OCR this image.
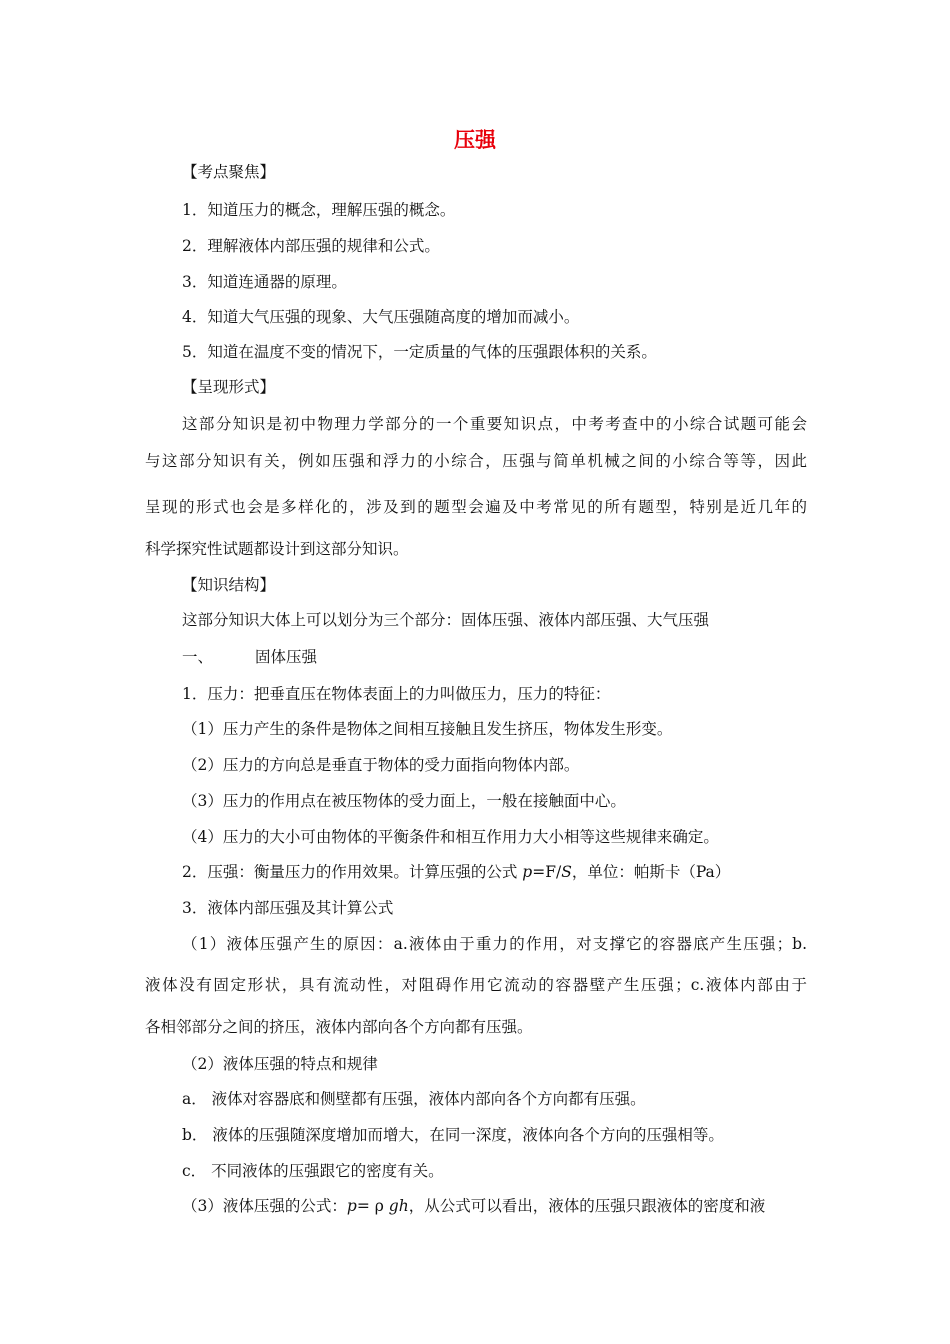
压强
【考点聚焦】
1．知道压力的概念，理解压强的概念。
2．理解液体内部压强的规律和公式。
3．知道连通器的原理。
4．知道大气压强的现象、大气压强随高度的增加而减小。
5．知道在温度不变的情况下，一定质量的气体的压强跟体积的关系。
【呈现形式】
这部分知识是初中物理力学部分的一个重要知识点，中考考查中的小综合试题可能会
与这部分知识有关，例如压强和浮力的小综合，压强与简单机械之间的小综合等等，因此
呈现的形式也会是多样化的，涉及到的题型会遍及中考常见的所有题型，特别是近几年的
科学探究性试题都设计到这部分知识。
【知识结构】
这部分知识大体上可以划分为三个部分：固体压强、液体内部压强、大气压强
一、	固体压强
1．压力：把垂直压在物体表面上的力叫做压力，压力的特征：
（1）压力产生的条件是物体之间相互接触且发生挤压，物体发生形变。
（2）压力的方向总是垂直于物体的受力面指向物体内部。
（3）压力的作用点在被压物体的受力面上，一般在接触面中心。
（4）压力的大小可由物体的平衡条件和相互作用力大小相等这些规律来确定。
2．压强：衡量压力的作用效果。计算压强的公式 p=F/S，单位：帕斯卡（Pa）
3．液体内部压强及其计算公式
（1）液体压强产生的原因：a.液体由于重力的作用，对支撑它的容器底产生压强；b.
液体没有固定形状，具有流动性，对阻碍作用它流动的容器壁产生压强；c.液体内部由于
各相邻部分之间的挤压，液体内部向各个方向都有压强。
（2）液体压强的特点和规律
a． 液体对容器底和侧壁都有压强，液体内部向各个方向都有压强。
b． 液体的压强随深度增加而增大，在同一深度，液体向各个方向的压强相等。
c． 不同液体的压强跟它的密度有关。
（3）液体压强的公式：p= ρ gh，从公式可以看出，液体的压强只跟液体的密度和液
